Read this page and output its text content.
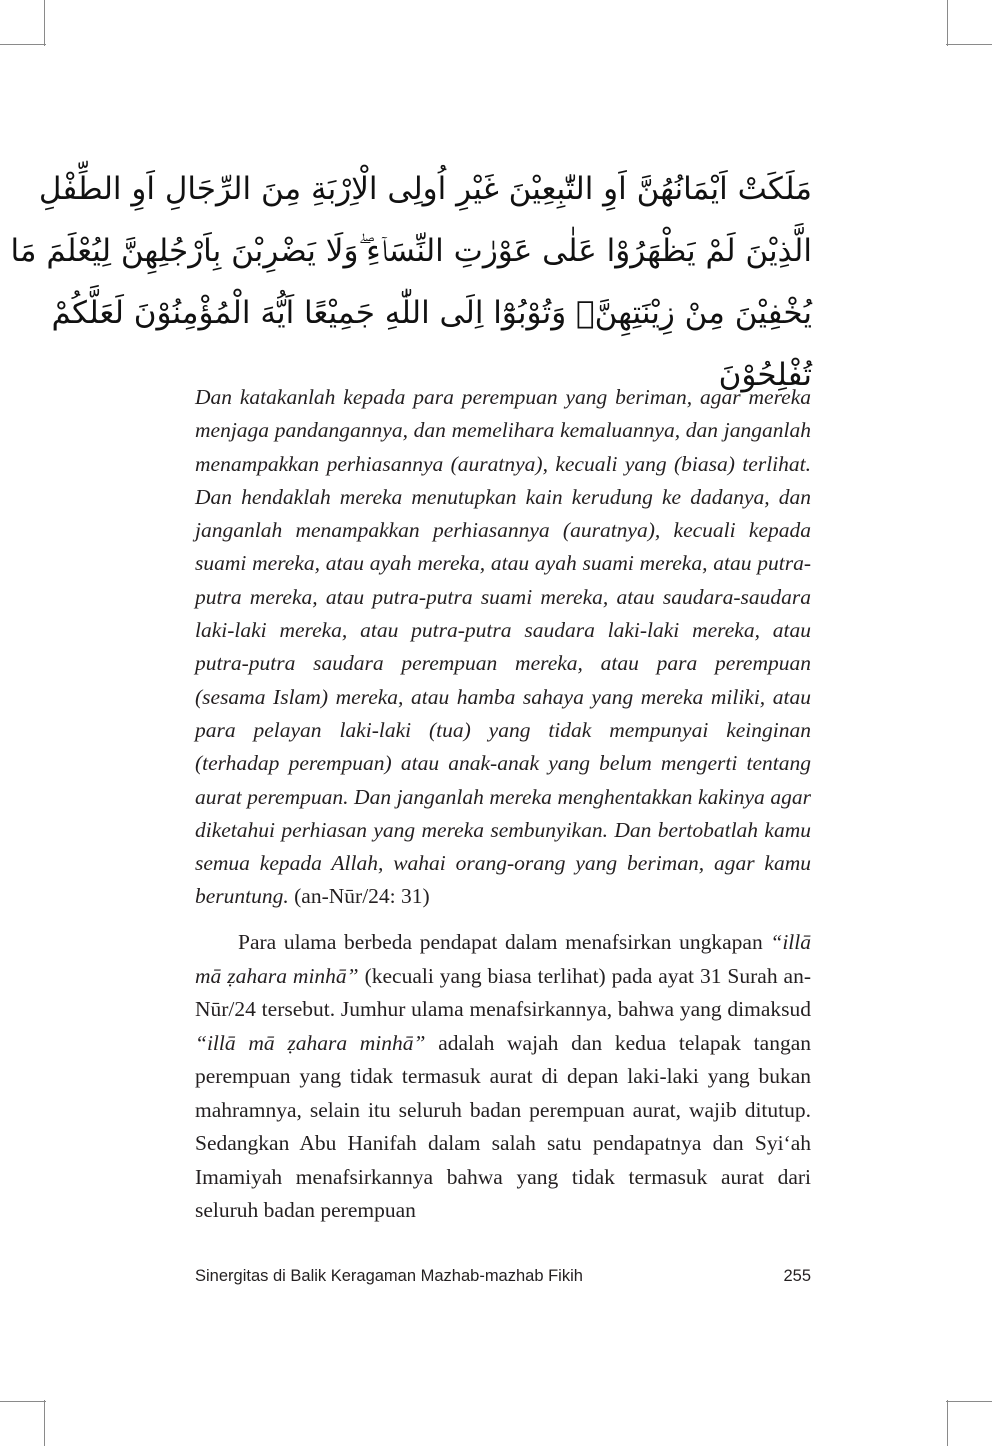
مَلَكَتْ اَيْمَانُهُنَّ اَوِ التّٰبِعِيْنَ غَيْرِ اُولِى الْاِرْبَةِ مِنَ الرِّجَالِ اَوِ الطِّفْلِ
الَّذِيْنَ لَمْ يَظْهَرُوْا عَلٰى عَوْرٰتِ النِّسَاۤءِ ۖوَلَا يَضْرِبْنَ بِاَرْجُلِهِنَّ لِيُعْلَمَ مَا
يُخْفِيْنَ مِنْ زِيْنَتِهِنَّۗ وَتُوْبُوْٓا اِلَى اللّٰهِ جَمِيْعًا اَيُّهَ الْمُؤْمِنُوْنَ لَعَلَّكُمْ
تُفْلِحُوْنَ
Dan katakanlah kepada para perempuan yang beriman, agar mereka menjaga pandangannya, dan memelihara kemaluannya, dan janganlah menampakkan perhiasannya (auratnya), kecuali yang (biasa) terlihat. Dan hendaklah mereka menutupkan kain kerudung ke dadanya, dan janganlah menampakkan perhiasannya (auratnya), kecuali kepada suami mereka, atau ayah mereka, atau ayah suami mereka, atau putra-putra mereka, atau putra-putra suami mereka, atau saudara-saudara laki-laki mereka, atau putra-putra saudara laki-laki mereka, atau putra-putra saudara perempuan mereka, atau para perempuan (sesama Islam) mereka, atau hamba sahaya yang mereka miliki, atau para pelayan laki-laki (tua) yang tidak mempunyai keinginan (terhadap perempuan) atau anak-anak yang belum mengerti tentang aurat perempuan. Dan janganlah mereka menghentakkan kakinya agar diketahui perhiasan yang mereka sembunyikan. Dan bertobatlah kamu semua kepada Allah, wahai orang-orang yang beriman, agar kamu beruntung. (an-Nūr/24: 31)

Para ulama berbeda pendapat dalam menafsirkan ungkapan “illā mā ẓahara minhā” (kecuali yang biasa terlihat) pada ayat 31 Surah an-Nūr/24 tersebut. Jumhur ulama menafsirkannya, bahwa yang dimaksud “illā mā ẓahara minhā” adalah wajah dan kedua telapak tangan perempuan yang tidak termasuk aurat di depan laki-laki yang bukan mahramnya, selain itu seluruh badan perempuan aurat, wajib ditutup. Sedangkan Abu Hanifah dalam salah satu pendapatnya dan Syi‘ah Imamiyah menafsirkannya bahwa yang tidak termasuk aurat dari seluruh badan perempuan

Sinergitas di Balik Keragaman Mazhab-mazhab Fikih	255
